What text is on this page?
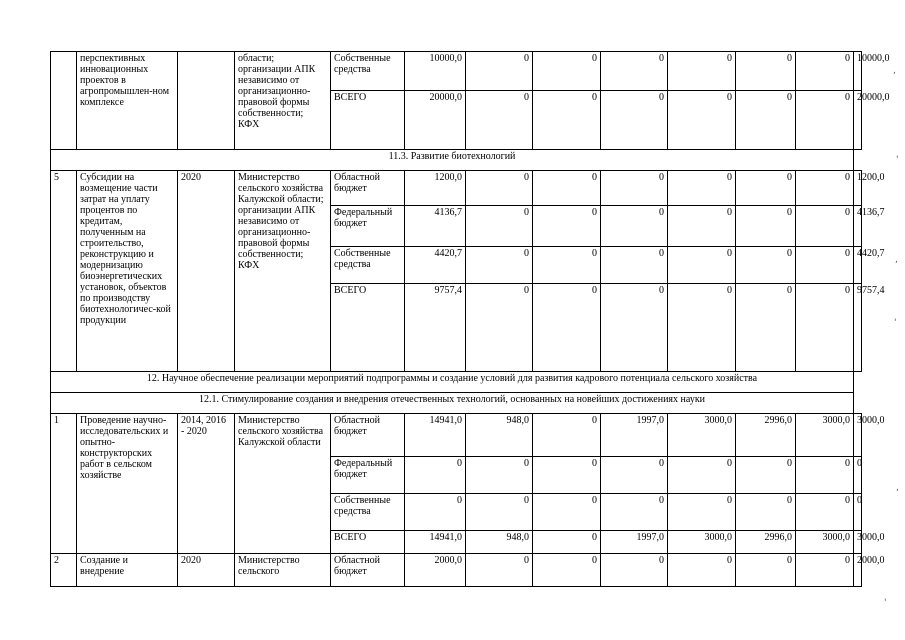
	перспективных инновационных проектов в агропромышлен-ном комплексе		области; организации АПК независимо от организационно-правовой формы собственности; КФХ	Собственные средства	10000,0	0	0	0	0	0	0	10000,0
				ВСЕГО	20000,0	0	0	0	0	0	0	20000,0
11.3. Развитие биотехнологий												
5	Субсидии на возмещение части затрат на уплату процентов по кредитам, полученным на строительство, реконструкцию и модернизацию биоэнергетических установок, объектов по производству биотехнологичес-кой продукции	2020	Министерство сельского хозяйства Калужской области; организации АПК независимо от организационно-правовой формы собственности; КФХ	Областной бюджет	1200,0	0	0	0	0	0	0	1200,0
				Федеральный бюджет	4136,7	0	0	0	0	0	0	4136,7
				Собственные средства	4420,7	0	0	0	0	0	0	4420,7
				ВСЕГО	9757,4	0	0	0	0	0	0	9757,4
12. Научное обеспечение реализации мероприятий подпрограммы и создание условий для развития кадрового потенциала сельского хозяйства												
12.1. Стимулирование создания и внедрения отечественных технологий, основанных на новейших достижениях науки												
1	Проведение научно-исследовательских и опытно-конструкторских работ в сельском хозяйстве	2014, 2016 - 2020	Министерство сельского хозяйства Калужской области	Областной бюджет	14941,0	948,0	0	1997,0	3000,0	2996,0	3000,0	3000,0
				Федеральный бюджет	0	0	0	0	0	0	0	0
				Собственные средства	0	0	0	0	0	0	0	0
				ВСЕГО	14941,0	948,0	0	1997,0	3000,0	2996,0	3000,0	3000,0
2	Создание и внедрение	2020	Министерство сельского	Областной бюджет	2000,0	0	0	0	0	0	0	2000,0
,
'
,
'
,
'
